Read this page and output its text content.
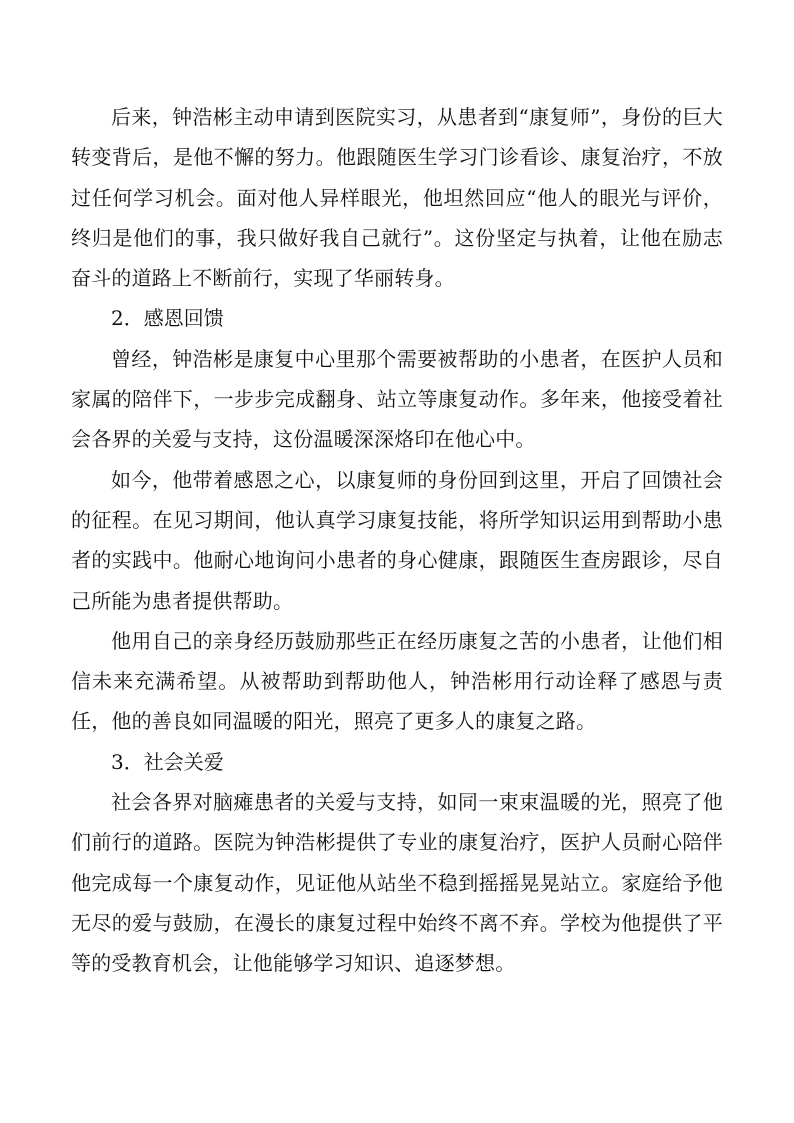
后来，钟浩彬主动申请到医院实习，从患者到“康复师”，身份的巨大转变背后，是他不懈的努力。他跟随医生学习门诊看诊、康复治疗，不放过任何学习机会。面对他人异样眼光，他坦然回应“他人的眼光与评价，终归是他们的事，我只做好我自己就行”。这份坚定与执着，让他在励志奋斗的道路上不断前行，实现了华丽转身。

2．感恩回馈

曾经，钟浩彬是康复中心里那个需要被帮助的小患者，在医护人员和家属的陪伴下，一步步完成翻身、站立等康复动作。多年来，他接受着社会各界的关爱与支持，这份温暖深深烙印在他心中。

如今，他带着感恩之心，以康复师的身份回到这里，开启了回馈社会的征程。在见习期间，他认真学习康复技能，将所学知识运用到帮助小患者的实践中。他耐心地询问小患者的身心健康，跟随医生查房跟诊，尽自己所能为患者提供帮助。

他用自己的亲身经历鼓励那些正在经历康复之苦的小患者，让他们相信未来充满希望。从被帮助到帮助他人，钟浩彬用行动诠释了感恩与责任，他的善良如同温暖的阳光，照亮了更多人的康复之路。

3．社会关爱

社会各界对脑瘫患者的关爱与支持，如同一束束温暖的光，照亮了他们前行的道路。医院为钟浩彬提供了专业的康复治疗，医护人员耐心陪伴他完成每一个康复动作，见证他从站坐不稳到摇摇晃晃站立。家庭给予他无尽的爱与鼓励，在漫长的康复过程中始终不离不弃。学校为他提供了平等的受教育机会，让他能够学习知识、追逐梦想。
